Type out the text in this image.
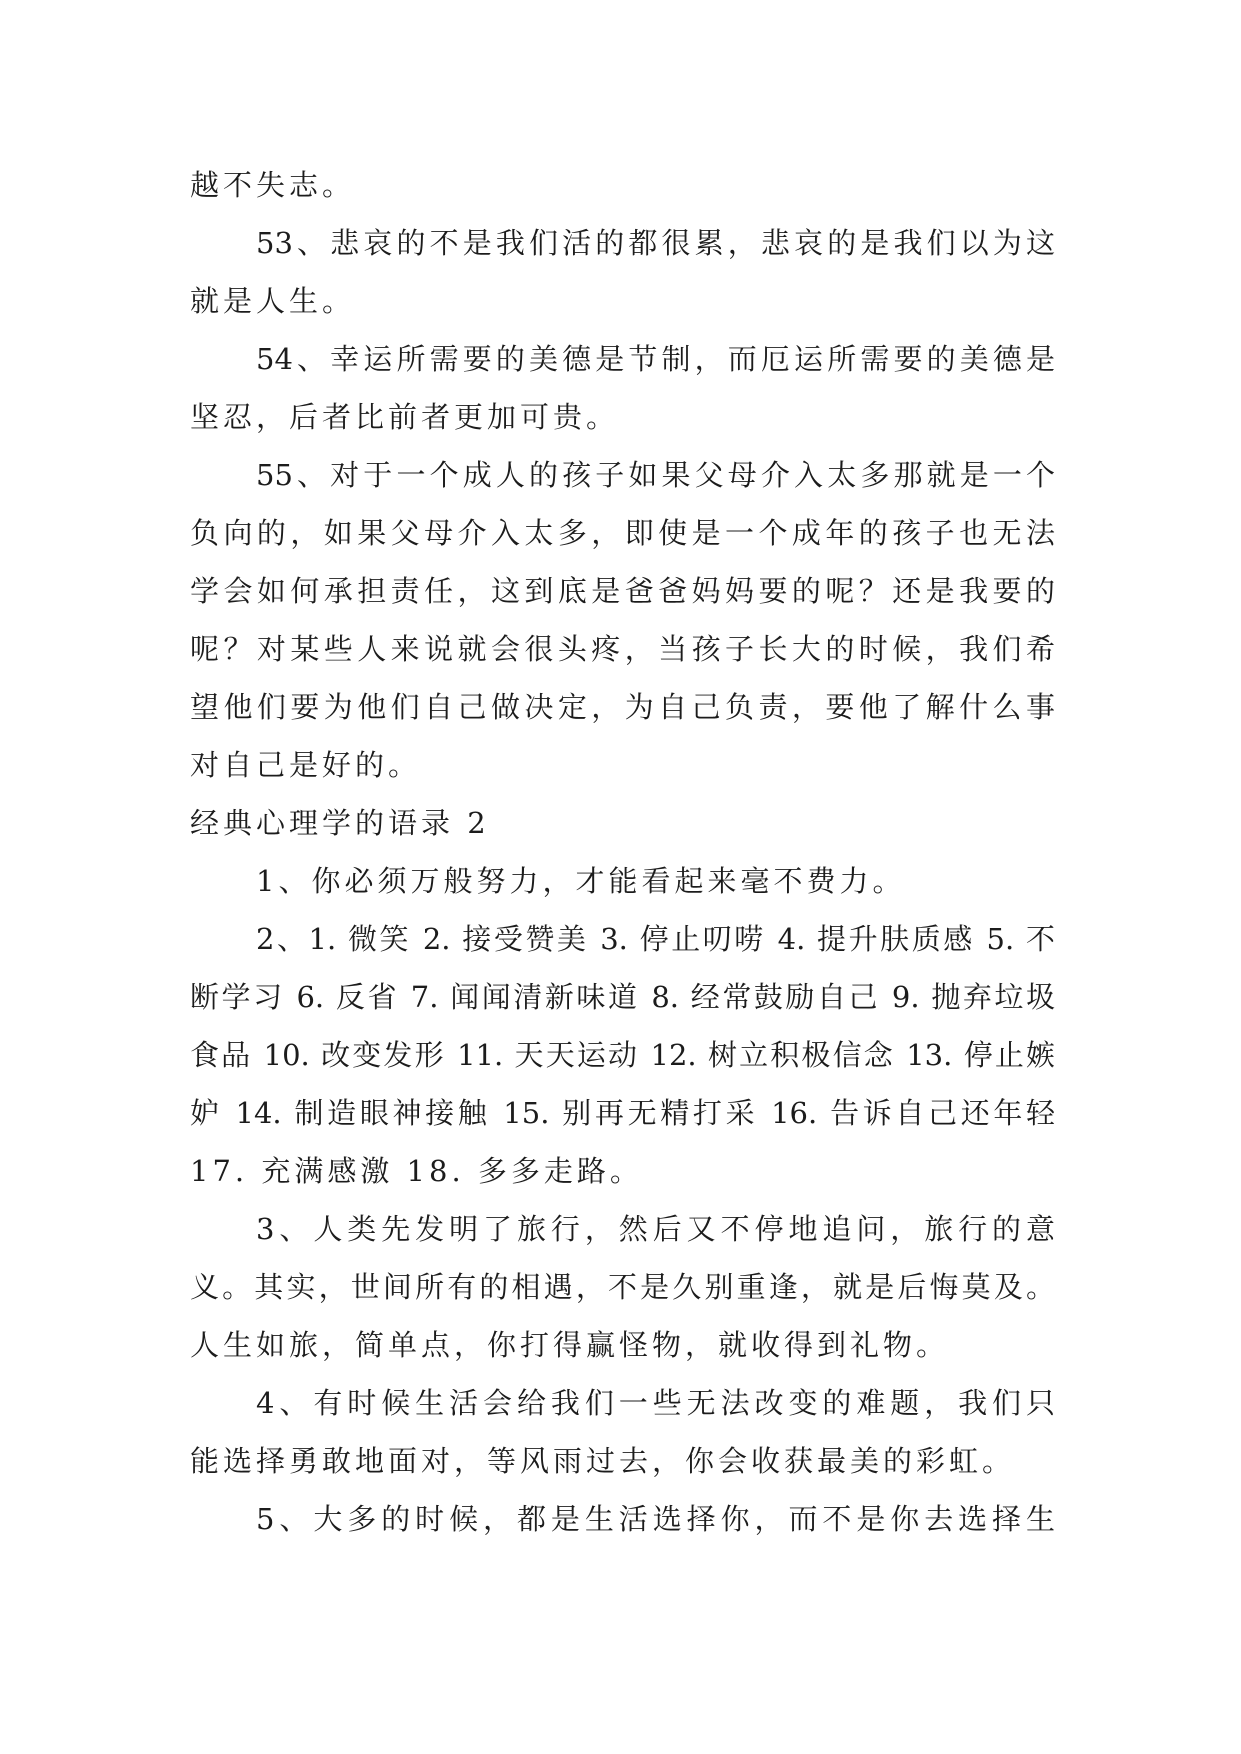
越不失志。
53、悲哀的不是我们活的都很累，悲哀的是我们以为这
就是人生。
54、幸运所需要的美德是节制，而厄运所需要的美德是
坚忍，后者比前者更加可贵。
55、对于一个成人的孩子如果父母介入太多那就是一个
负向的，如果父母介入太多，即使是一个成年的孩子也无法
学会如何承担责任，这到底是爸爸妈妈要的呢？还是我要的
呢？对某些人来说就会很头疼，当孩子长大的时候，我们希
望他们要为他们自己做决定，为自己负责，要他了解什么事
对自己是好的。
经典心理学的语录 2
1、你必须万般努力，才能看起来毫不费力。
2、1. 微笑 2. 接受赞美 3. 停止叨唠 4. 提升肤质感 5. 不
断学习 6. 反省 7. 闻闻清新味道 8. 经常鼓励自己 9. 抛弃垃圾
食品 10. 改变发形 11. 天天运动 12. 树立积极信念 13. 停止嫉
妒 14. 制造眼神接触 15. 别再无精打采 16. 告诉自己还年轻
17. 充满感激 18. 多多走路。
3、人类先发明了旅行，然后又不停地追问，旅行的意
义。其实，世间所有的相遇，不是久别重逢，就是后悔莫及。
人生如旅，简单点，你打得赢怪物，就收得到礼物。
4、有时候生活会给我们一些无法改变的难题，我们只
能选择勇敢地面对，等风雨过去，你会收获最美的彩虹。
5、大多的时候，都是生活选择你，而不是你去选择生
